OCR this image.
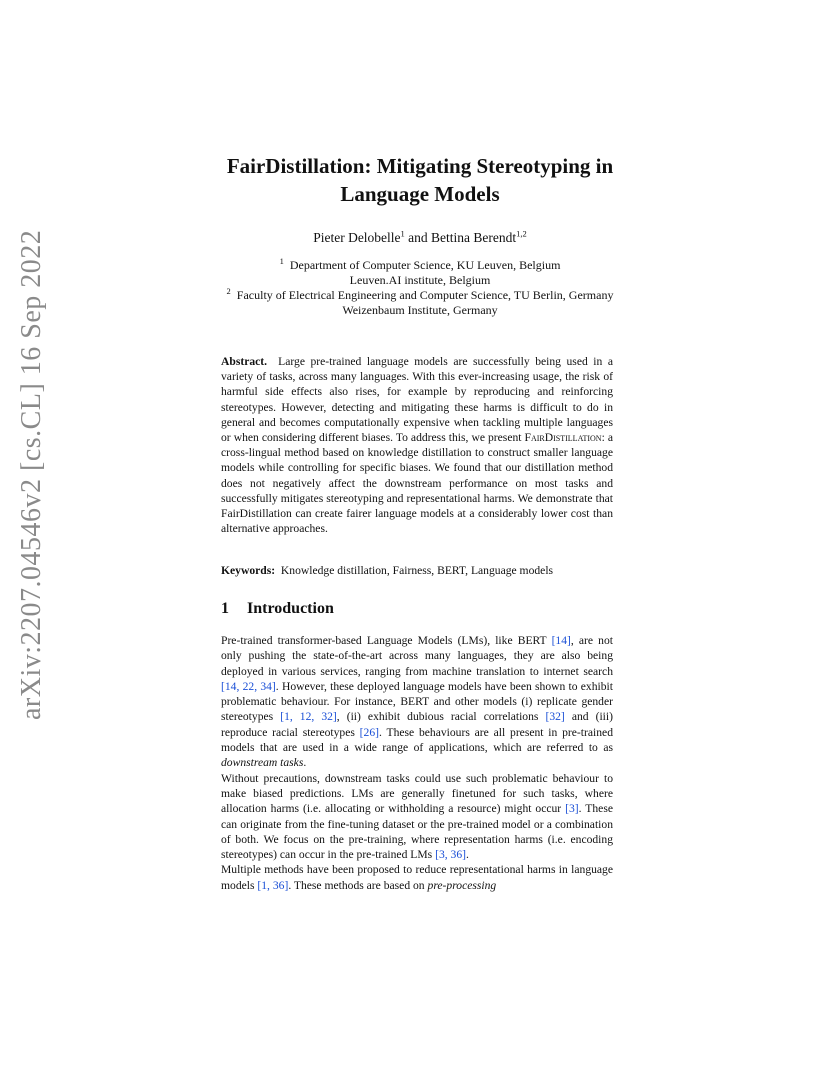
arXiv:2207.04546v2 [cs.CL] 16 Sep 2022
FairDistillation: Mitigating Stereotyping in
Language Models
Pieter Delobelle$^1$ and Bettina Berendt$^{1,2}$
$^1$ Department of Computer Science, KU Leuven, Belgium
Leuven.AI institute, Belgium
$^2$ Faculty of Electrical Engineering and Computer Science, TU Berlin, Germany
Weizenbaum Institute, Germany

Abstract. Large pre-trained language models are successfully being used in a variety of tasks, across many languages. With this ever-increasing usage, the risk of harmful side effects also rises, for example by reproducing and reinforcing stereotypes. However, detecting and mitigating these harms is difficult to do in general and becomes computationally expensive when tackling multiple languages or when considering different biases. To address this, we present FairDistillation: a cross-lingual method based on knowledge distillation to construct smaller language models while controlling for specific biases. We found that our distillation method does not negatively affect the downstream performance on most tasks and successfully mitigates stereotyping and representational harms. We demonstrate that FairDistillation can create fairer language models at a considerably lower cost than alternative approaches.

Keywords: Knowledge distillation, Fairness, BERT, Language models
1 Introduction

Pre-trained transformer-based Language Models (LMs), like BERT [14], are not only pushing the state-of-the-art across many languages, they are also being deployed in various services, ranging from machine translation to internet search [14, 22, 34]. However, these deployed language models have been shown to exhibit problematic behaviour. For instance, BERT and other models (i) replicate gender stereotypes [1, 12, 32], (ii) exhibit dubious racial correlations [32] and (iii) reproduce racial stereotypes [26]. These behaviours are all present in pre-trained models that are used in a wide range of applications, which are referred to as downstream tasks.

Without precautions, downstream tasks could use such problematic behaviour to make biased predictions. LMs are generally finetuned for such tasks, where allocation harms (i.e. allocating or withholding a resource) might occur [3]. These can originate from the fine-tuning dataset or the pre-trained model or a combination of both. We focus on the pre-training, where representation harms (i.e. encoding stereotypes) can occur in the pre-trained LMs [3, 36].

Multiple methods have been proposed to reduce representational harms in language models [1, 36]. These methods are based on pre-processing
